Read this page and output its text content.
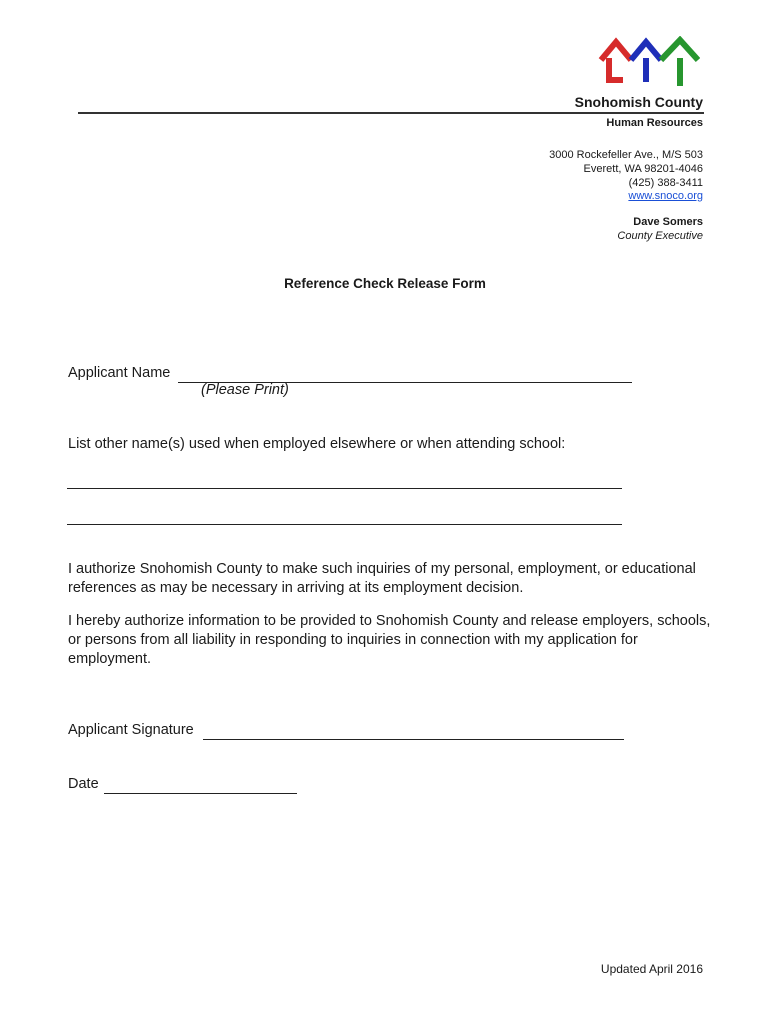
Snohomish County
Human Resources
3000 Rockefeller Ave., M/S 503
Everett, WA 98201-4046
(425) 388-3411
www.snoco.org
Dave Somers
County Executive
Reference Check Release Form
Applicant Name
(Please Print)
List other name(s) used when employed elsewhere or when attending school:
I authorize Snohomish County to make such inquiries of my personal, employment, or educational references as may be necessary in arriving at its employment decision.
I hereby authorize information to be provided to Snohomish County and release employers, schools, or persons from all liability in responding to inquiries in connection with my application for employment.
Applicant Signature
Date
Updated April 2016
